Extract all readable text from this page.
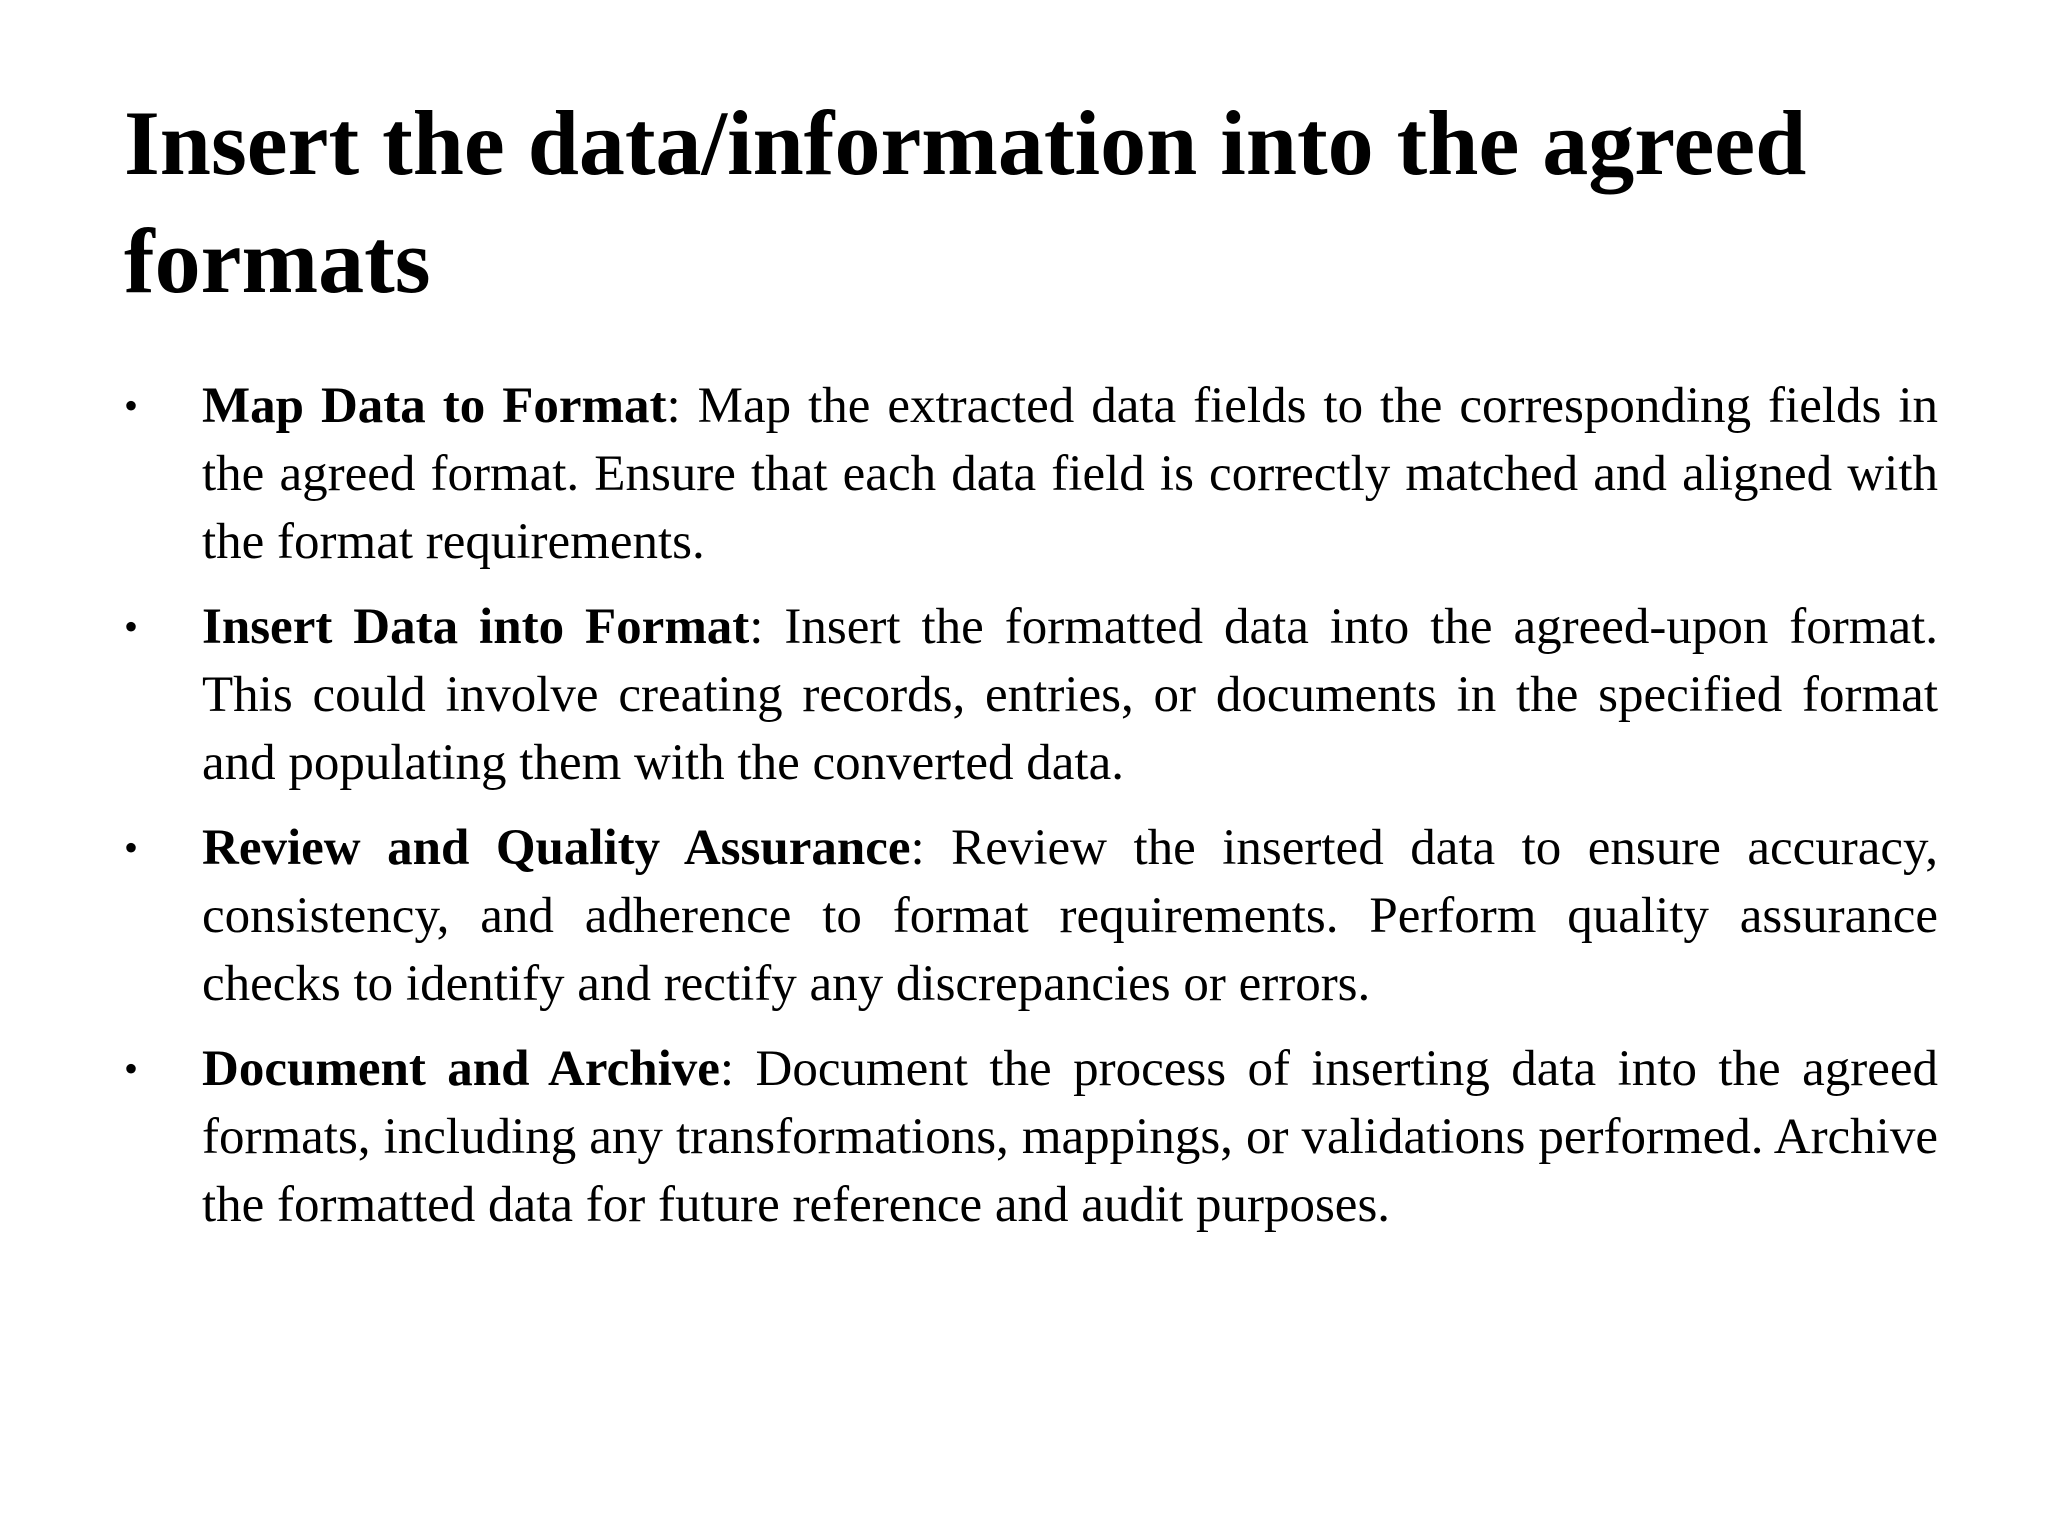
Insert the data/information into the agreed formats
•	Map Data to Format: Map the extracted data fields to the corresponding fields in the agreed format. Ensure that each data field is correctly matched and aligned with the format requirements.
•	Insert Data into Format: Insert the formatted data into the agreed-upon format. This could involve creating records, entries, or documents in the specified format and populating them with the converted data.
•	Review and Quality Assurance: Review the inserted data to ensure accuracy, consistency, and adherence to format requirements. Perform quality assurance checks to identify and rectify any discrepancies or errors.
•	Document and Archive: Document the process of inserting data into the agreed formats, including any transformations, mappings, or validations performed. Archive the formatted data for future reference and audit purposes.
